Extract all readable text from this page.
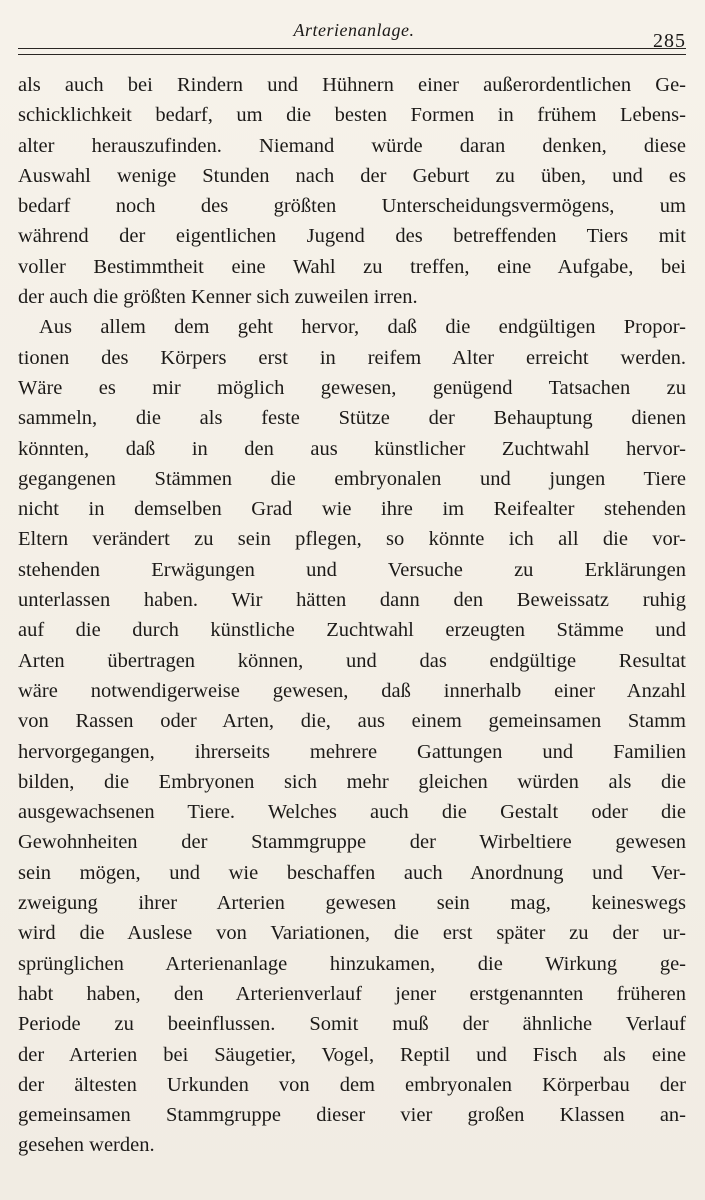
Arterienanlage.	285
als auch bei Rindern und Hühnern einer außerordentlichen Ge-
schicklichkeit bedarf, um die besten Formen in frühem Lebens-
alter herauszufinden. Niemand würde daran denken, diese
Auswahl wenige Stunden nach der Geburt zu üben, und es
bedarf noch des größten Unterscheidungsvermögens, um
während der eigentlichen Jugend des betreffenden Tiers mit
voller Bestimmtheit eine Wahl zu treffen, eine Aufgabe, bei
der auch die größten Kenner sich zuweilen irren.
Aus allem dem geht hervor, daß die endgültigen Propor-
tionen des Körpers erst in reifem Alter erreicht werden.
Wäre es mir möglich gewesen, genügend Tatsachen zu
sammeln, die als feste Stütze der Behauptung dienen
könnten, daß in den aus künstlicher Zuchtwahl hervor-
gegangenen Stämmen die embryonalen und jungen Tiere
nicht in demselben Grad wie ihre im Reifealter stehenden
Eltern verändert zu sein pflegen, so könnte ich all die vor-
stehenden Erwägungen und Versuche zu Erklärungen
unterlassen haben. Wir hätten dann den Beweissatz ruhig
auf die durch künstliche Zuchtwahl erzeugten Stämme und
Arten übertragen können, und das endgültige Resultat
wäre notwendigerweise gewesen, daß innerhalb einer Anzahl
von Rassen oder Arten, die, aus einem gemeinsamen Stamm
hervorgegangen, ihrerseits mehrere Gattungen und Familien
bilden, die Embryonen sich mehr gleichen würden als die
ausgewachsenen Tiere. Welches auch die Gestalt oder die
Gewohnheiten der Stammgruppe der Wirbeltiere gewesen
sein mögen, und wie beschaffen auch Anordnung und Ver-
zweigung ihrer Arterien gewesen sein mag, keineswegs
wird die Auslese von Variationen, die erst später zu der ur-
sprünglichen Arterienanlage hinzukamen, die Wirkung ge-
habt haben, den Arterienverlauf jener erstgenannten früheren
Periode zu beeinflussen. Somit muß der ähnliche Verlauf
der Arterien bei Säugetier, Vogel, Reptil und Fisch als eine
der ältesten Urkunden von dem embryonalen Körperbau der
gemeinsamen Stammgruppe dieser vier großen Klassen an-
gesehen werden.
